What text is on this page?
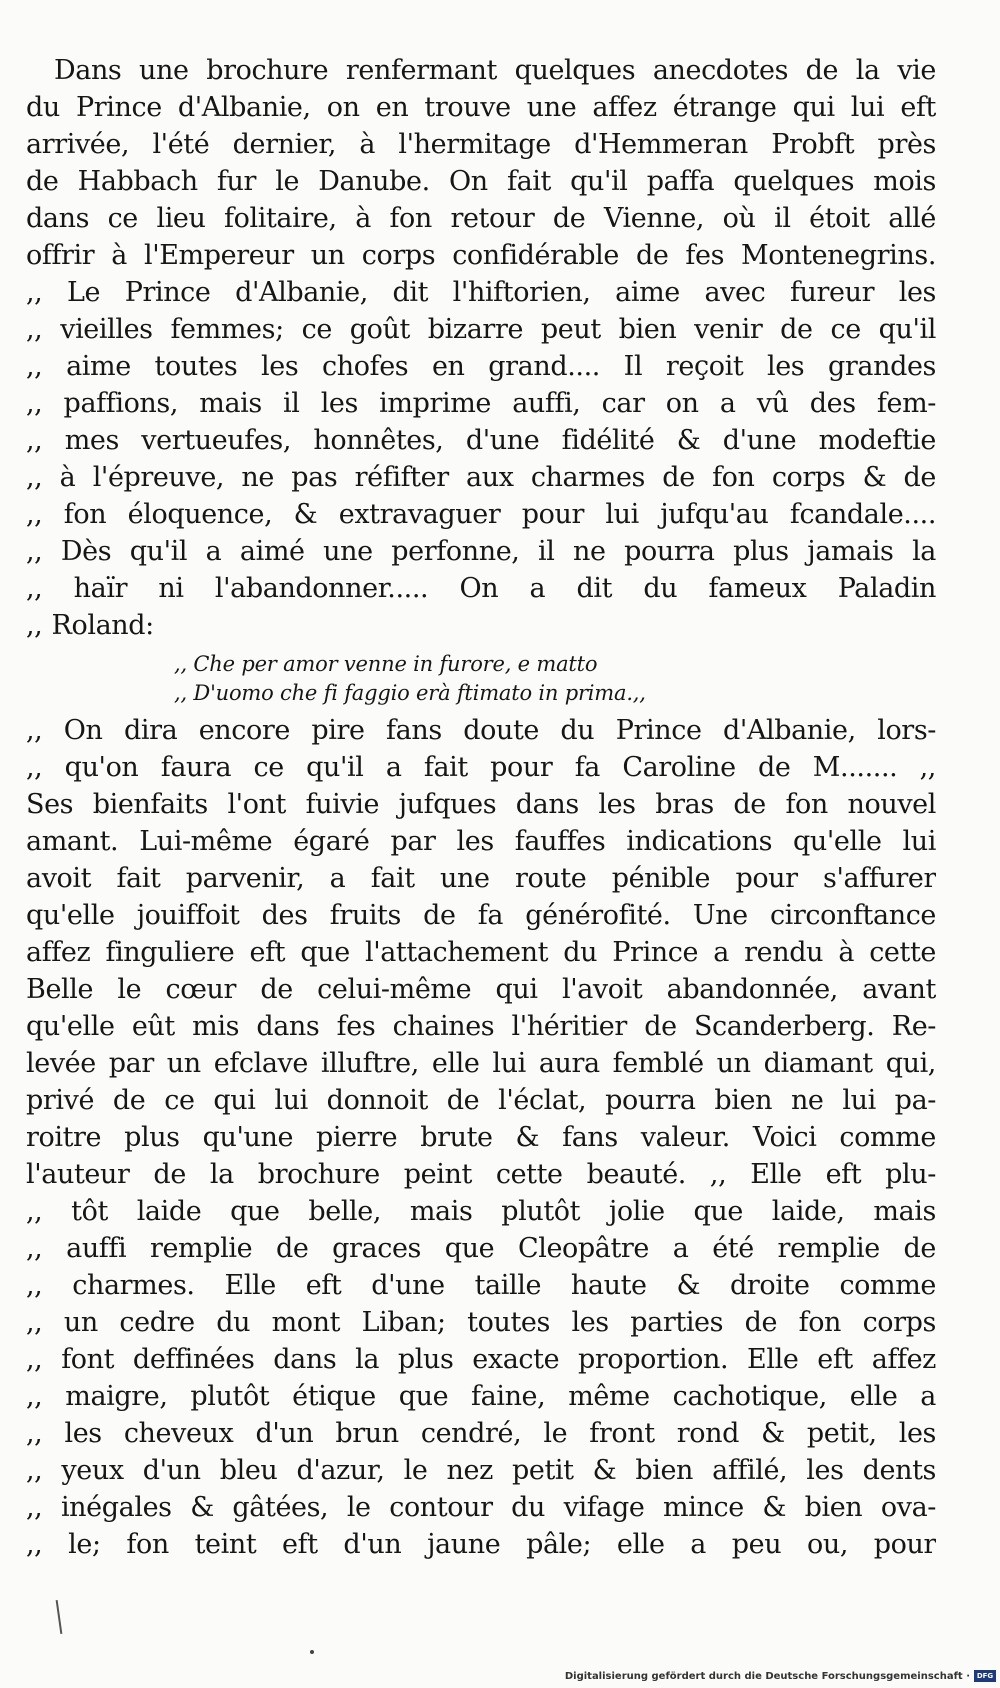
Dans une brochure renfermant quelques anecdotes de la vie
du Prince d'Albanie, on en trouve une affez étrange qui lui eft
arrivée, l'été dernier, à l'hermitage d'Hemmeran Probft près
de Habbach fur le Danube. On fait qu'il paffa quelques mois
dans ce lieu folitaire, à fon retour de Vienne, où il étoit allé
offrir à l'Empereur un corps confidérable de fes Montenegrins.
,, Le Prince d'Albanie, dit l'hiftorien, aime avec fureur les
,, vieilles femmes; ce goût bizarre peut bien venir de ce qu'il
,, aime toutes les chofes en grand.... Il reçoit les grandes
,, paffions, mais il les imprime auffi, car on a vû des fem-
,, mes vertueufes, honnêtes, d'une fidélité & d'une modeftie
,, à l'épreuve, ne pas réfifter aux charmes de fon corps & de
,, fon éloquence, & extravaguer pour lui jufqu'au fcandale....
,, Dès qu'il a aimé une perfonne, il ne pourra plus jamais la
,, haïr ni l'abandonner..... On a dit du fameux Paladin
,, Roland:
,, Che per amor venne in furore, e matto
,, D'uomo che fi faggio erà ftimato in prima.,,
,, On dira encore pire fans doute du Prince d'Albanie, lors-
,, qu'on faura ce qu'il a fait pour fa Caroline de M....... ,,
Ses bienfaits l'ont fuivie jufques dans les bras de fon nouvel
amant. Lui-même égaré par les fauffes indications qu'elle lui
avoit fait parvenir, a fait une route pénible pour s'affurer
qu'elle jouiffoit des fruits de fa générofité. Une circonftance
affez finguliere eft que l'attachement du Prince a rendu à cette
Belle le cœur de celui-même qui l'avoit abandonnée, avant
qu'elle eût mis dans fes chaines l'héritier de Scanderberg. Re-
levée par un efclave illuftre, elle lui aura femblé un diamant qui,
privé de ce qui lui donnoit de l'éclat, pourra bien ne lui pa-
roitre plus qu'une pierre brute & fans valeur. Voici comme
l'auteur de la brochure peint cette beauté. ,, Elle eft plu-
,, tôt laide que belle, mais plutôt jolie que laide, mais
,, auffi remplie de graces que Cleopâtre a été remplie de
,, charmes. Elle eft d'une taille haute & droite comme
,, un cedre du mont Liban; toutes les parties de fon corps
,, font deffinées dans la plus exacte proportion. Elle eft affez
,, maigre, plutôt étique que faine, même cachotique, elle a
,, les cheveux d'un brun cendré, le front rond & petit, les
,, yeux d'un bleu d'azur, le nez petit & bien affilé, les dents
,, inégales & gâtées, le contour du vifage mince & bien ova-
,, le; fon teint eft d'un jaune pâle; elle a peu ou, pour
Digitalisierung gefördert durch die Deutsche Forschungsgemeinschaft · DFG
